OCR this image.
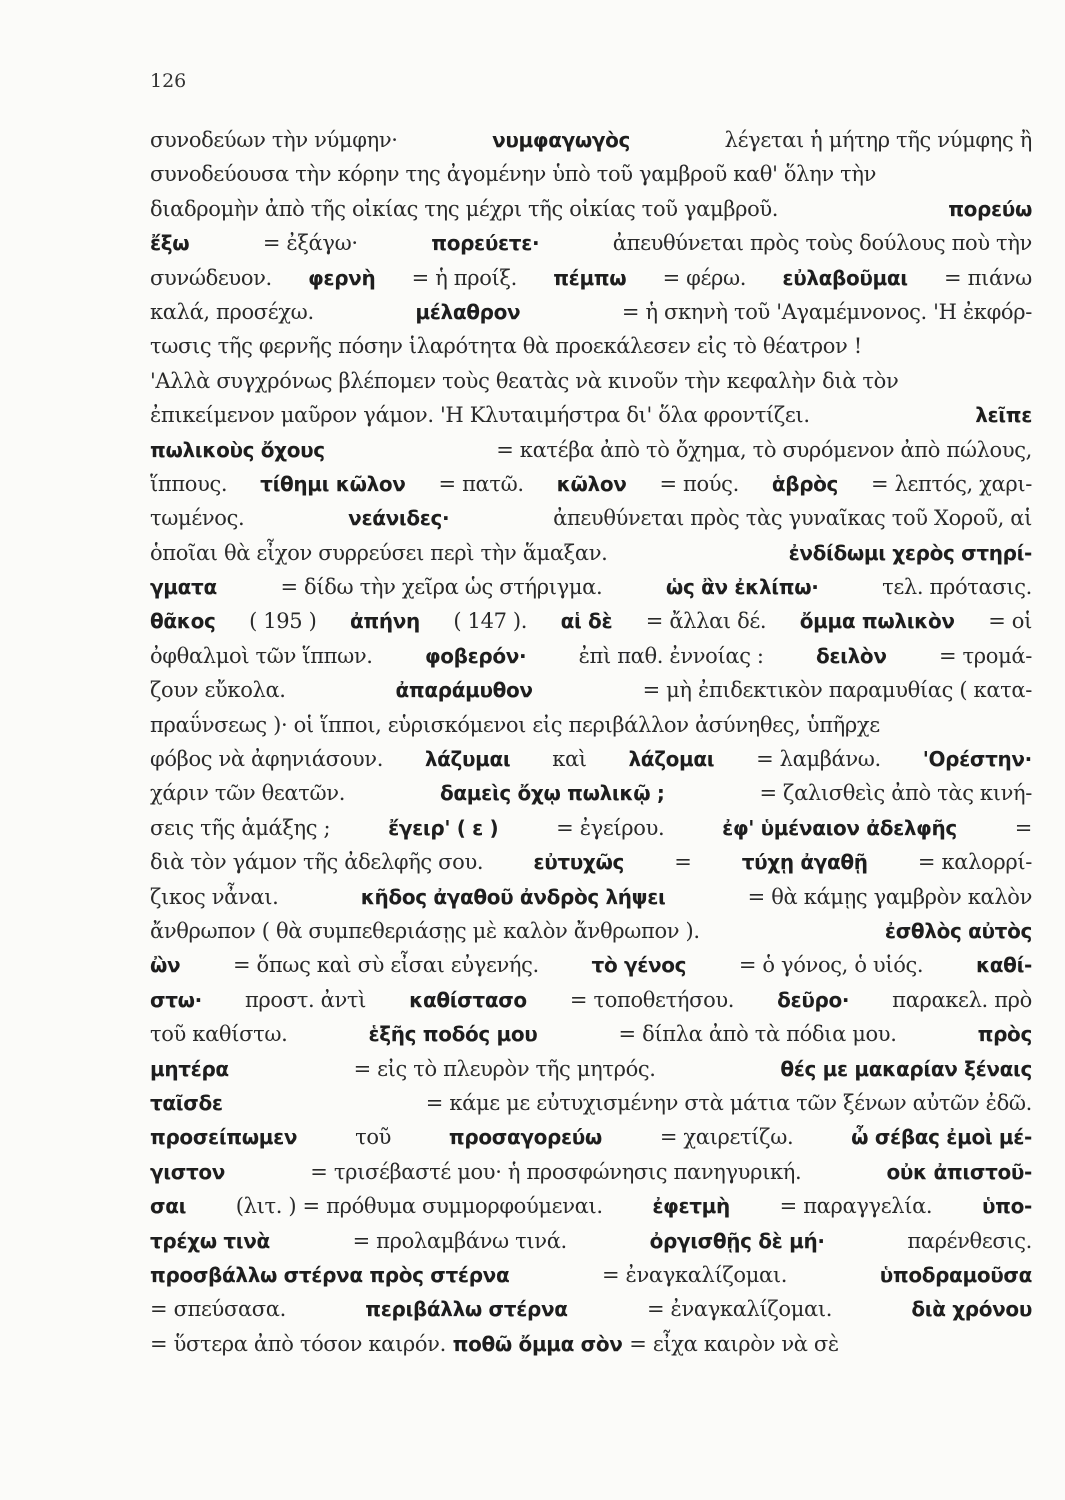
126
συνοδεύων τὴν νύμφην·	νυμφαγωγὸς	λέγεται ἡ μήτηρ τῆς νύμφης ἢ
συνοδεύουσα τὴν κόρην της ἀγομένην ὑπὸ τοῦ γαμβροῦ καθ' ὅλην τὴν
διαδρομὴν ἀπὸ τῆς οἰκίας της μέχρι τῆς οἰκίας τοῦ γαμβροῦ.	πορεύω
ἔξω	= ἐξάγω·	πορεύετε·	ἀπευθύνεται πρὸς τοὺς δούλους ποὺ τὴν
συνώδευον. φερνὴ = ἡ προίξ. πέμπω = φέρω. εὐλαβοῦμαι = πιάνω
καλά, προσέχω.	μέλαθρον	= ἡ σκηνὴ τοῦ 'Αγαμέμνονος. 'Η ἐκφόρ-
τωσις τῆς φερνῆς πόσην ἱλαρότητα θὰ προεκάλεσεν εἰς τὸ θέατρον !
'Αλλὰ συγχρόνως βλέπομεν τοὺς θεατὰς νὰ κινοῦν τὴν κεφαλὴν διὰ τὸν
ἐπικείμενον μαῦρον γάμον. 'Η Κλυταιμήστρα δι' ὅλα φροντίζει.	λεῖπε
πωλικοὺς ὄχους	= κατέβα ἀπὸ τὸ ὄχημα, τὸ συρόμενον ἀπὸ πώλους,
ἵππους. τίθημι κῶλον = πατῶ. κῶλον = πούς. ἁβρὸς = λεπτός, χαρι-
τωμένος.	νεάνιδες·	ἀπευθύνεται πρὸς τὰς γυναῖκας τοῦ Χοροῦ, αἱ
ὁποῖαι θὰ εἶχον συρρεύσει περὶ τὴν ἅμαξαν.	ἐνδίδωμι χερὸς στηρί-
γματα	= δίδω τὴν χεῖρα ὡς στήριγμα.	ὡς ἂν ἐκλίπω·	τελ. πρότασις.
θᾶκος ( 195 ) ἀπήνη ( 147 ). αἱ δὲ = ἄλλαι δέ. ὄμμα πωλικὸν = οἱ
ὀφθαλμοὶ τῶν ἵππων.	φοβερόν· ἐπὶ παθ. ἐννοίας :	δειλὸν = τρομά-
ζουν εὔκολα.	ἀπαράμυθον	= μὴ ἐπιδεκτικὸν παραμυθίας ( κατα-
πραΰνσεως )· οἱ ἵπποι, εὑρισκόμενοι εἰς περιβάλλον ἀσύνηθες, ὑπῆρχε
φόβος νὰ ἀφηνιάσουν. λάζυμαι καὶ λάζομαι = λαμβάνω. 'Ορέστην·
χάριν τῶν θεατῶν.	δαμεὶς ὄχῳ πωλικῷ ;	= ζαλισθεὶς ἀπὸ τὰς κινή-
σεις τῆς ἁμάξης ;	ἔγειρ' ( ε )	= ἐγείρου.	ἐφ' ὑμέναιον ἀδελφῆς	=
διὰ τὸν γάμον τῆς ἀδελφῆς σου.	εὐτυχῶς =	τύχῃ ἀγαθῇ = καλορρί-
ζικος νἆναι.	κῆδος ἀγαθοῦ ἀνδρὸς λήψει	= θὰ κάμῃς γαμβρὸν καλὸν
ἄνθρωπον ( θὰ συμπεθεριάσῃς μὲ καλὸν ἄνθρωπον ).	ἐσθλὸς αὐτὸς
ὢν	= ὅπως καὶ σὺ εἶσαι εὐγενής.	τὸ γένος	= ὁ γόνος, ὁ υἱός.	καθί-
στω· προστ. ἀντὶ καθίστασο = τοποθετήσου. δεῦρο· παρακελ. πρὸ
τοῦ καθίστω.	ἑξῆς ποδός μου	= δίπλα ἀπὸ τὰ πόδια μου.	πρὸς
μητέρα	= εἰς τὸ πλευρὸν τῆς μητρός.	θές με μακαρίαν ξέναις
ταῖσδε	= κάμε με εὐτυχισμένην στὰ μάτια τῶν ξένων αὐτῶν ἐδῶ.
προσείπωμεν	τοῦ	προσαγορεύω	= χαιρετίζω.	ὦ σέβας ἐμοὶ μέ-
γιστον	= τρισέβαστέ μου· ἡ προσφώνησις πανηγυρική.	οὐκ ἀπιστοῦ-
σαι (λιτ. ) = πρόθυμα συμμορφούμεναι. ἐφετμὴ = παραγγελία. ὑπο-
τρέχω τινὰ	= προλαμβάνω τινά.	ὀργισθῇς δὲ μή·	παρένθεσις.
προσβάλλω στέρνα πρὸς στέρνα	= ἐναγκαλίζομαι.	ὑποδραμοῦσα
= σπεύσασα.	περιβάλλω στέρνα	= ἐναγκαλίζομαι.	διὰ χρόνου
= ὕστερα ἀπὸ τόσον καιρόν. ποθῶ ὄμμα σὸν = εἶχα καιρὸν νὰ σὲ
